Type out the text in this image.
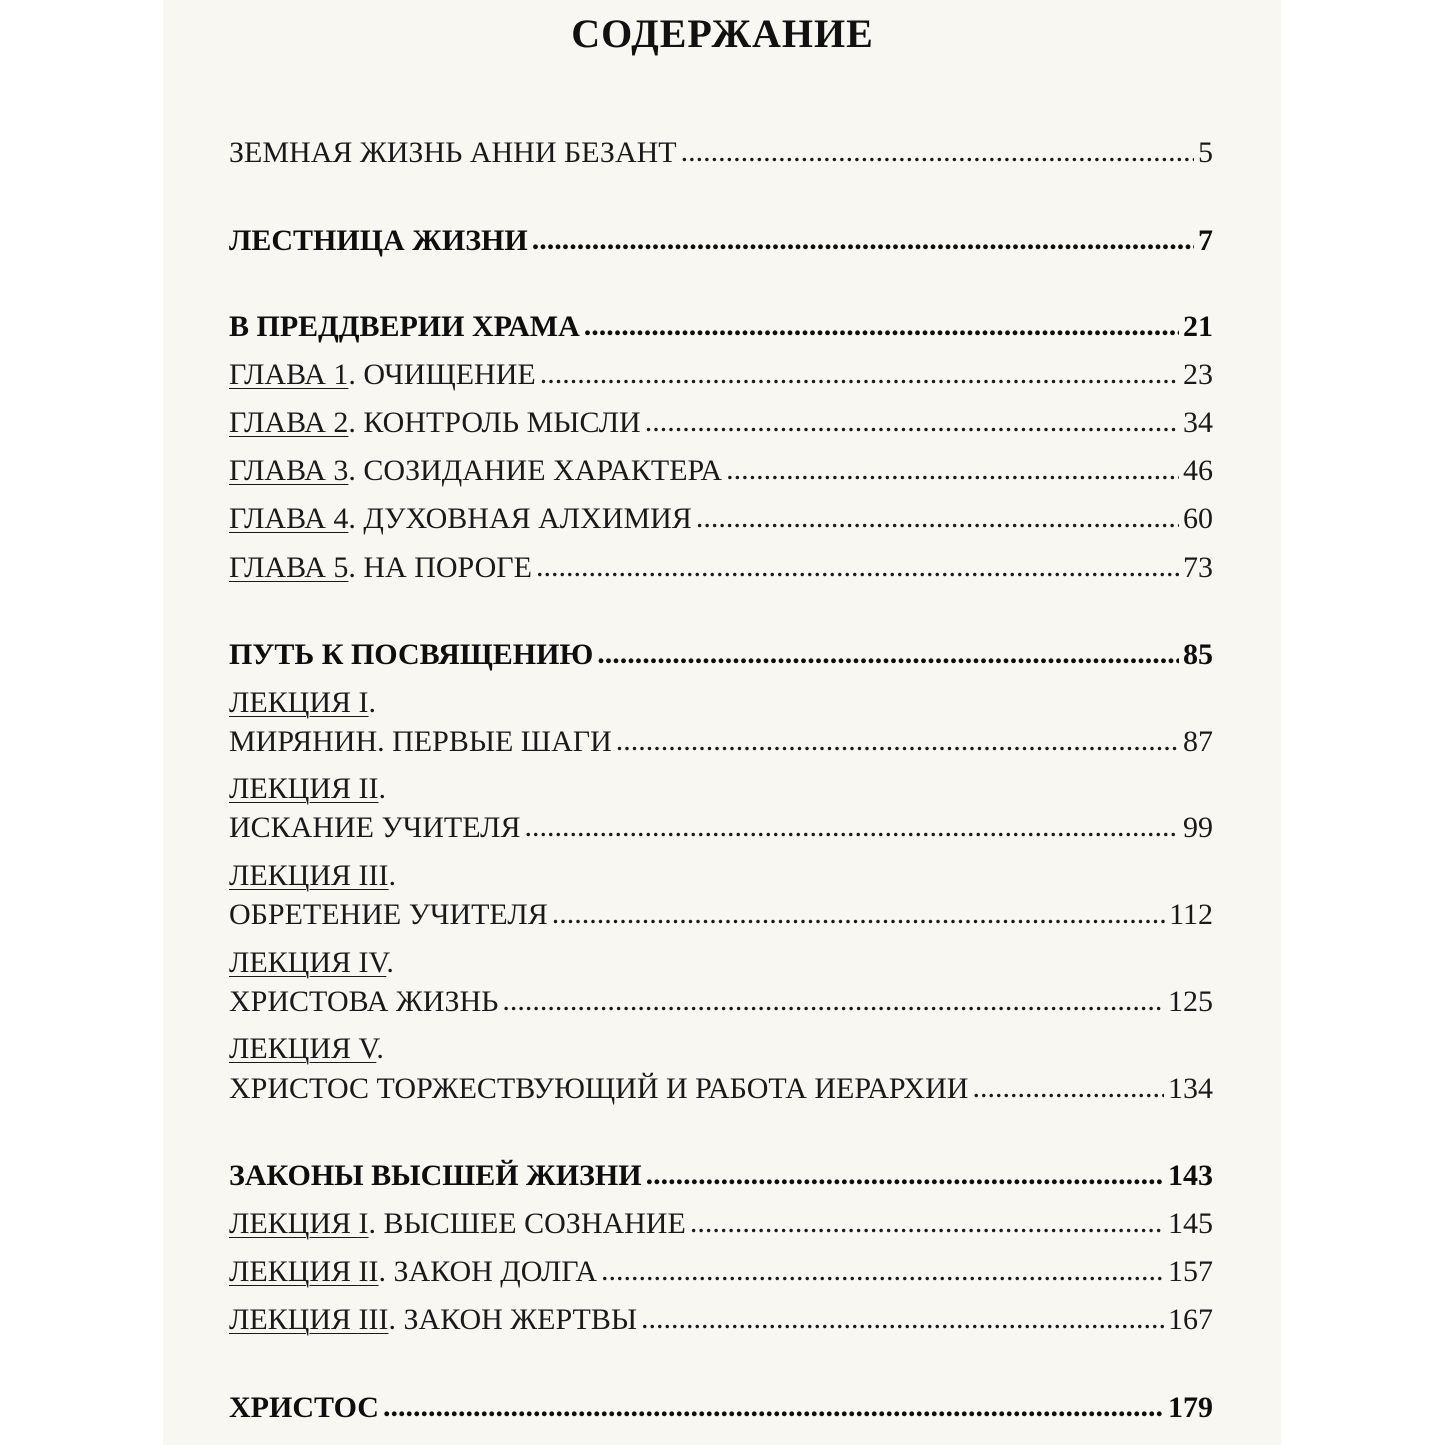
СОДЕРЖАНИЕ
ЗЕМНАЯ ЖИЗНЬ АННИ БЕЗАНТ .....	5
ЛЕСТНИЦА ЖИЗНИ .....	7
В ПРЕДДВЕРИИ ХРАМА .....	21
ГЛАВА 1. ОЧИЩЕНИЕ .....	23
ГЛАВА 2. КОНТРОЛЬ МЫСЛИ .....	34
ГЛАВА 3. СОЗИДАНИЕ ХАРАКТЕРА .....	46
ГЛАВА 4. ДУХОВНАЯ АЛХИМИЯ .....	60
ГЛАВА 5. НА ПОРОГЕ .....	73
ПУТЬ К ПОСВЯЩЕНИЮ .....	85
ЛЕКЦИЯ I.
МИРЯНИН. ПЕРВЫЕ ШАГИ .....	87
ЛЕКЦИЯ II.
ИСКАНИЕ УЧИТЕЛЯ .....	99
ЛЕКЦИЯ III.
ОБРЕТЕНИЕ УЧИТЕЛЯ .....	112
ЛЕКЦИЯ IV.
ХРИСТОВА ЖИЗНЬ .....	125
ЛЕКЦИЯ V.
ХРИСТОС ТОРЖЕСТВУЮЩИЙ И РАБОТА ИЕРАРХИИ .....	134
ЗАКОНЫ ВЫСШЕЙ ЖИЗНИ .....	143
ЛЕКЦИЯ I. ВЫСШЕЕ СОЗНАНИЕ .....	145
ЛЕКЦИЯ II. ЗАКОН ДОЛГА .....	157
ЛЕКЦИЯ III. ЗАКОН ЖЕРТВЫ .....	167
ХРИСТОС .....	179
